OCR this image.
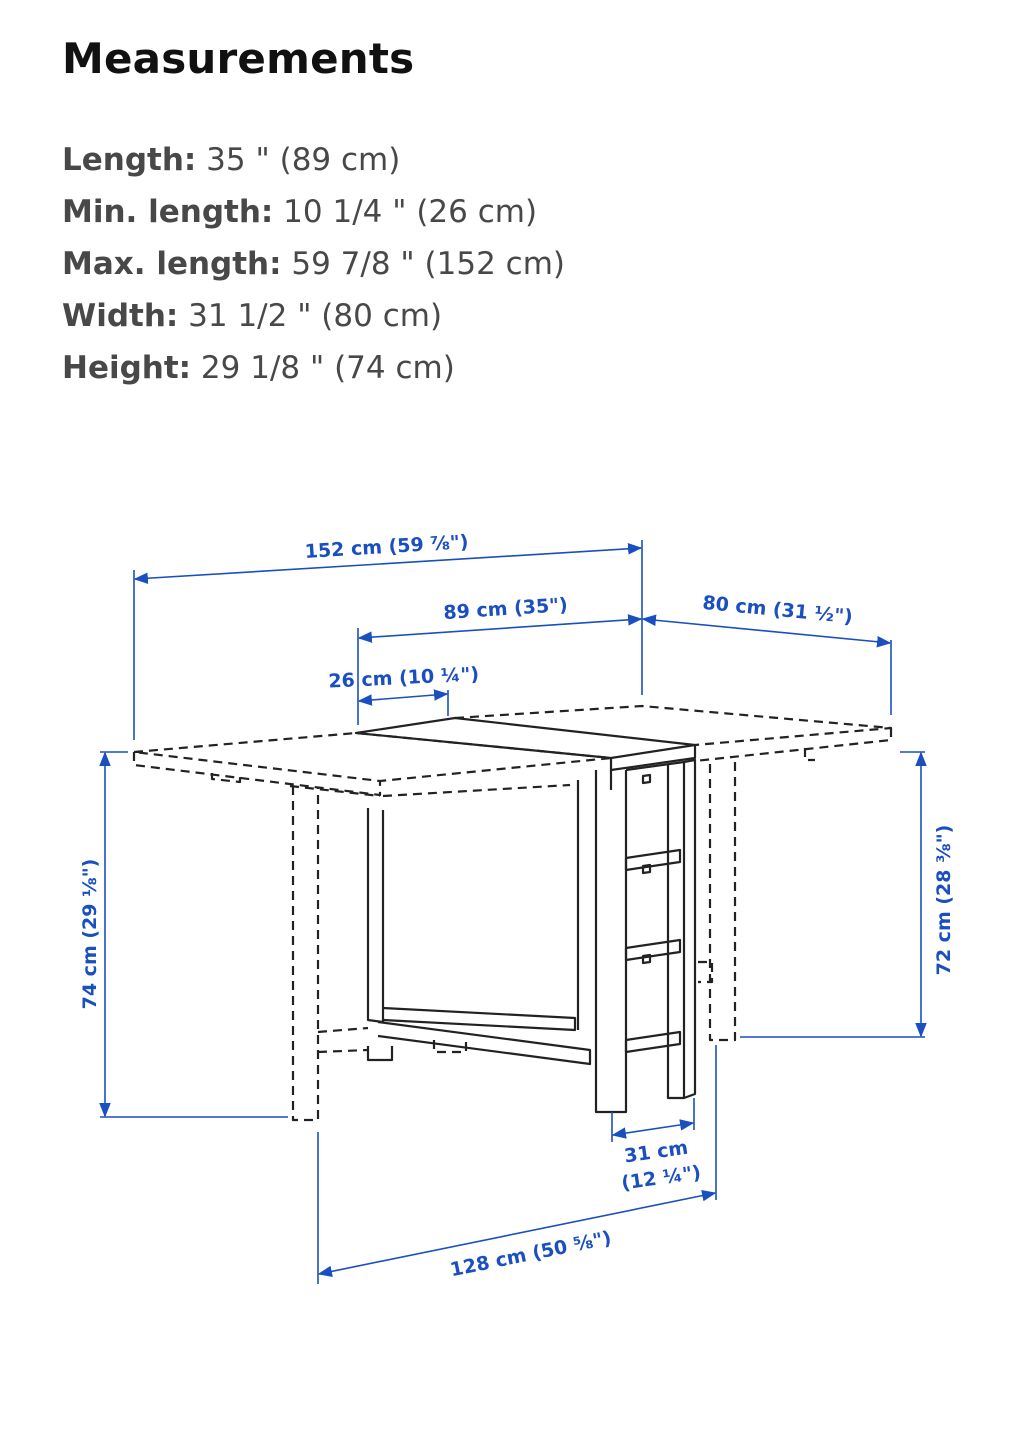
Measurements
Length: 35 " (89 cm)
Min. length: 10 1/4 " (26 cm)
Max. length: 59 7/8 " (152 cm)
Width: 31 1/2 " (80 cm)
Height: 29 1/8 " (74 cm)
152 cm (59 ⅞")
89 cm (35")	80 cm (31 ½")
26 cm (10 ¼")
74 cm (29 ⅛")	72 cm (28 ⅜")
31 cm
(12 ¼")
128 cm (50 ⅝")
